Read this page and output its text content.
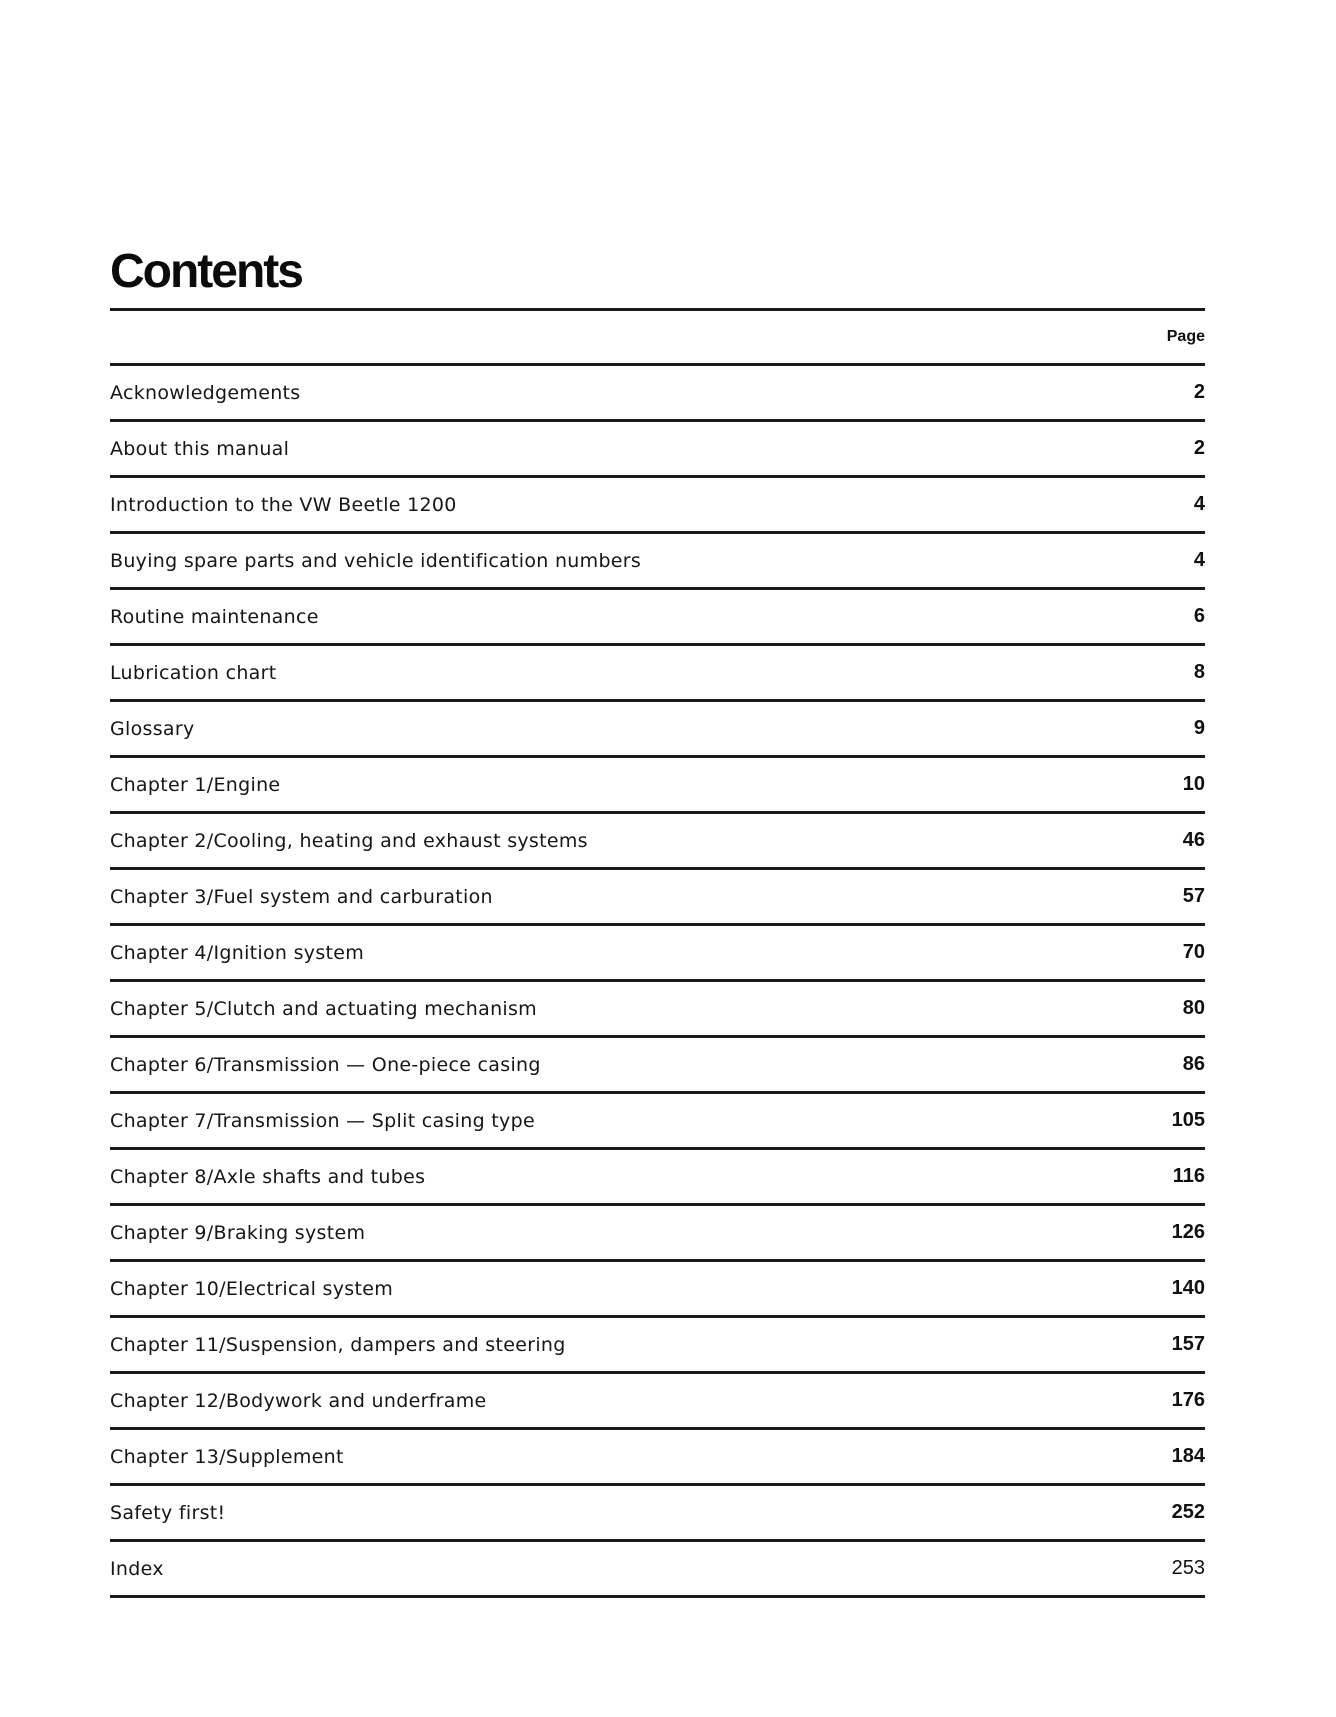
Contents
Page
Acknowledgements	2
About this manual	2
Introduction to the VW Beetle 1200	4
Buying spare parts and vehicle identification numbers	4
Routine maintenance	6
Lubrication chart	8
Glossary	9
Chapter 1/Engine	10
Chapter 2/Cooling, heating and exhaust systems	46
Chapter 3/Fuel system and carburation	57
Chapter 4/Ignition system	70
Chapter 5/Clutch and actuating mechanism	80
Chapter 6/Transmission — One-piece casing	86
Chapter 7/Transmission — Split casing type	105
Chapter 8/Axle shafts and tubes	116
Chapter 9/Braking system	126
Chapter 10/Electrical system	140
Chapter 11/Suspension, dampers and steering	157
Chapter 12/Bodywork and underframe	176
Chapter 13/Supplement	184
Safety first!	252
Index	253
